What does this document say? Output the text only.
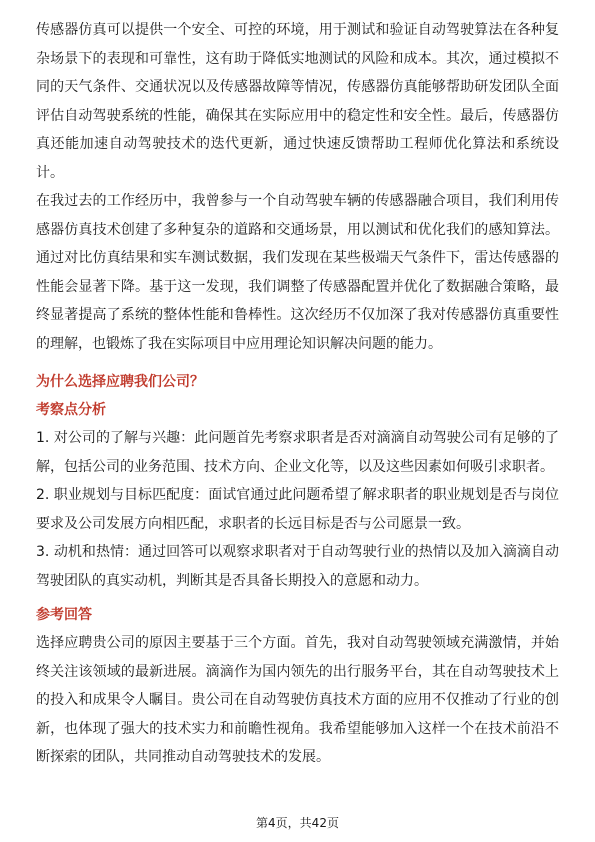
传感器仿真可以提供一个安全、可控的环境，用于测试和验证自动驾驶算法在各种复杂场景下的表现和可靠性，这有助于降低实地测试的风险和成本。其次，通过模拟不同的天气条件、交通状况以及传感器故障等情况，传感器仿真能够帮助研发团队全面评估自动驾驶系统的性能，确保其在实际应用中的稳定性和安全性。最后，传感器仿真还能加速自动驾驶技术的迭代更新，通过快速反馈帮助工程师优化算法和系统设计。

在我过去的工作经历中，我曾参与一个自动驾驶车辆的传感器融合项目，我们利用传感器仿真技术创建了多种复杂的道路和交通场景，用以测试和优化我们的感知算法。通过对比仿真结果和实车测试数据，我们发现在某些极端天气条件下，雷达传感器的性能会显著下降。基于这一发现，我们调整了传感器配置并优化了数据融合策略，最终显著提高了系统的整体性能和鲁棒性。这次经历不仅加深了我对传感器仿真重要性的理解，也锻炼了我在实际项目中应用理论知识解决问题的能力。

为什么选择应聘我们公司？
考察点分析

1. 对公司的了解与兴趣：此问题首先考察求职者是否对滴滴自动驾驶公司有足够的了解，包括公司的业务范围、技术方向、企业文化等，以及这些因素如何吸引求职者。

2. 职业规划与目标匹配度：面试官通过此问题希望了解求职者的职业规划是否与岗位要求及公司发展方向相匹配，求职者的长远目标是否与公司愿景一致。

3. 动机和热情：通过回答可以观察求职者对于自动驾驶行业的热情以及加入滴滴自动驾驶团队的真实动机，判断其是否具备长期投入的意愿和动力。

参考回答

选择应聘贵公司的原因主要基于三个方面。首先，我对自动驾驶领域充满激情，并始终关注该领域的最新进展。滴滴作为国内领先的出行服务平台，其在自动驾驶技术上的投入和成果令人瞩目。贵公司在自动驾驶仿真技术方面的应用不仅推动了行业的创新，也体现了强大的技术实力和前瞻性视角。我希望能够加入这样一个在技术前沿不断探索的团队，共同推动自动驾驶技术的发展。

第4页，共42页
